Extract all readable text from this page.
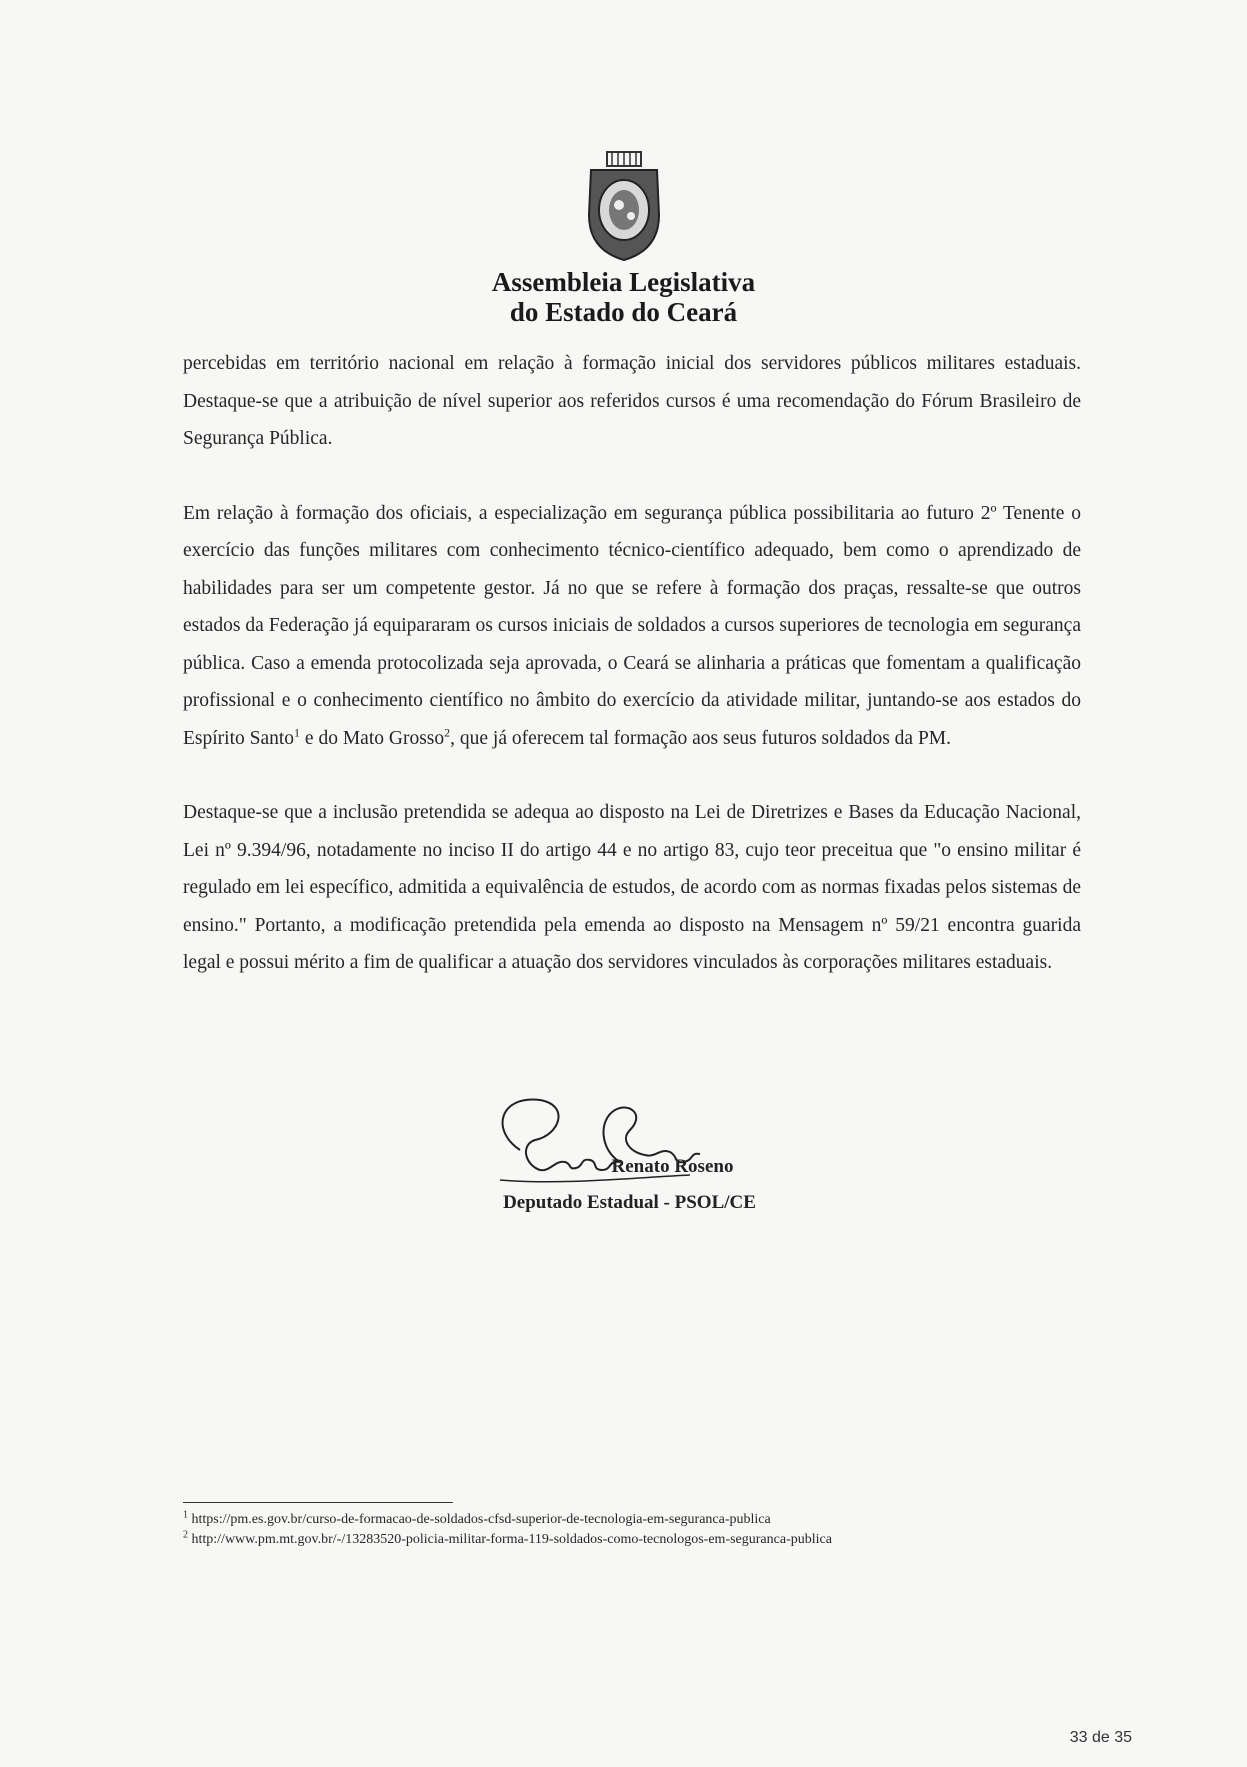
Assembleia Legislativa
do Estado do Ceará

percebidas em território nacional em relação à formação inicial dos servidores públicos militares estaduais. Destaque-se que a atribuição de nível superior aos referidos cursos é uma recomendação do Fórum Brasileiro de Segurança Pública.

Em relação à formação dos oficiais, a especialização em segurança pública possibilitaria ao futuro 2º Tenente o exercício das funções militares com conhecimento técnico-científico adequado, bem como o aprendizado de habilidades para ser um competente gestor. Já no que se refere à formação dos praças, ressalte-se que outros estados da Federação já equipararam os cursos iniciais de soldados a cursos superiores de tecnologia em segurança pública. Caso a emenda protocolizada seja aprovada, o Ceará se alinharia a práticas que fomentam a qualificação profissional e o conhecimento científico no âmbito do exercício da atividade militar, juntando-se aos estados do Espírito Santo$^1$ e do Mato Grosso$^2$, que já oferecem tal formação aos seus futuros soldados da PM.

Destaque-se que a inclusão pretendida se adequa ao disposto na Lei de Diretrizes e Bases da Educação Nacional, Lei nº 9.394/96, notadamente no inciso II do artigo 44 e no artigo 83, cujo teor preceitua que "o ensino militar é regulado em lei específico, admitida a equivalência de estudos, de acordo com as normas fixadas pelos sistemas de ensino." Portanto, a modificação pretendida pela emenda ao disposto na Mensagem nº 59/21 encontra guarida legal e possui mérito a fim de qualificar a atuação dos servidores vinculados às corporações militares estaduais.

Renato Roseno
Deputado Estadual - PSOL/CE
$^1$ https://pm.es.gov.br/curso-de-formacao-de-soldados-cfsd-superior-de-tecnologia-em-seguranca-publica
$^2$ http://www.pm.mt.gov.br/-/13283520-policia-militar-forma-119-soldados-como-tecnologos-em-seguranca-publica
33 de 35
